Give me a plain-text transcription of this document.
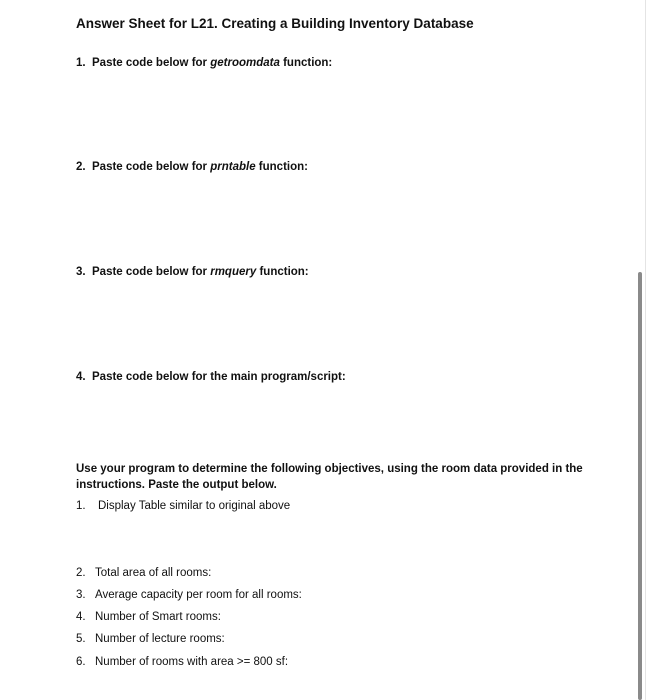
Answer Sheet for L21. Creating a Building Inventory Database
1. Paste code below for getroomdata function:
2. Paste code below for prntable function:
3. Paste code below for rmquery function:
4. Paste code below for the main program/script:
Use your program to determine the following objectives, using the room data provided in the instructions. Paste the output below.
1. Display Table similar to original above
2. Total area of all rooms:
3. Average capacity per room for all rooms:
4. Number of Smart rooms:
5. Number of lecture rooms:
6. Number of rooms with area >= 800 sf:
